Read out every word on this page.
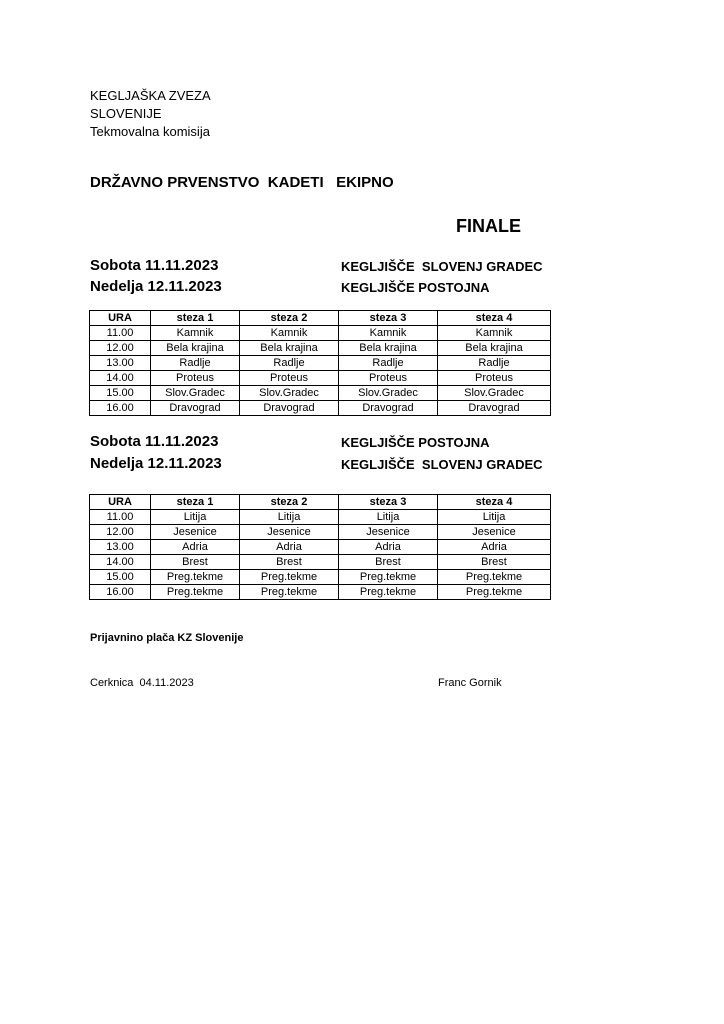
KEGLJAŠKA ZVEZA
SLOVENIJE
Tekmovalna komisija
DRŽAVNO PRVENSTVO  KADETI   EKIPNO
FINALE
Sobota 11.11.2023	KEGLJIŠČE  SLOVENJ GRADEC
Nedelja 12.11.2023	KEGLJIŠČE POSTOJNA
URA	steza 1	steza 2	steza 3	steza 4
11.00	Kamnik	Kamnik	Kamnik	Kamnik
12.00	Bela krajina	Bela krajina	Bela krajina	Bela krajina
13.00	Radlje	Radlje	Radlje	Radlje
14.00	Proteus	Proteus	Proteus	Proteus
15.00	Slov.Gradec	Slov.Gradec	Slov.Gradec	Slov.Gradec
16.00	Dravograd	Dravograd	Dravograd	Dravograd
Sobota 11.11.2023	KEGLJIŠČE POSTOJNA
Nedelja 12.11.2023	KEGLJIŠČE  SLOVENJ GRADEC
URA	steza 1	steza 2	steza 3	steza 4
11.00	Litija	Litija	Litija	Litija
12.00	Jesenice	Jesenice	Jesenice	Jesenice
13.00	Adria	Adria	Adria	Adria
14.00	Brest	Brest	Brest	Brest
15.00	Preg.tekme	Preg.tekme	Preg.tekme	Preg.tekme
16.00	Preg.tekme	Preg.tekme	Preg.tekme	Preg.tekme
Prijavnino plača KZ Slovenije
Cerknica  04.11.2023	Franc Gornik
